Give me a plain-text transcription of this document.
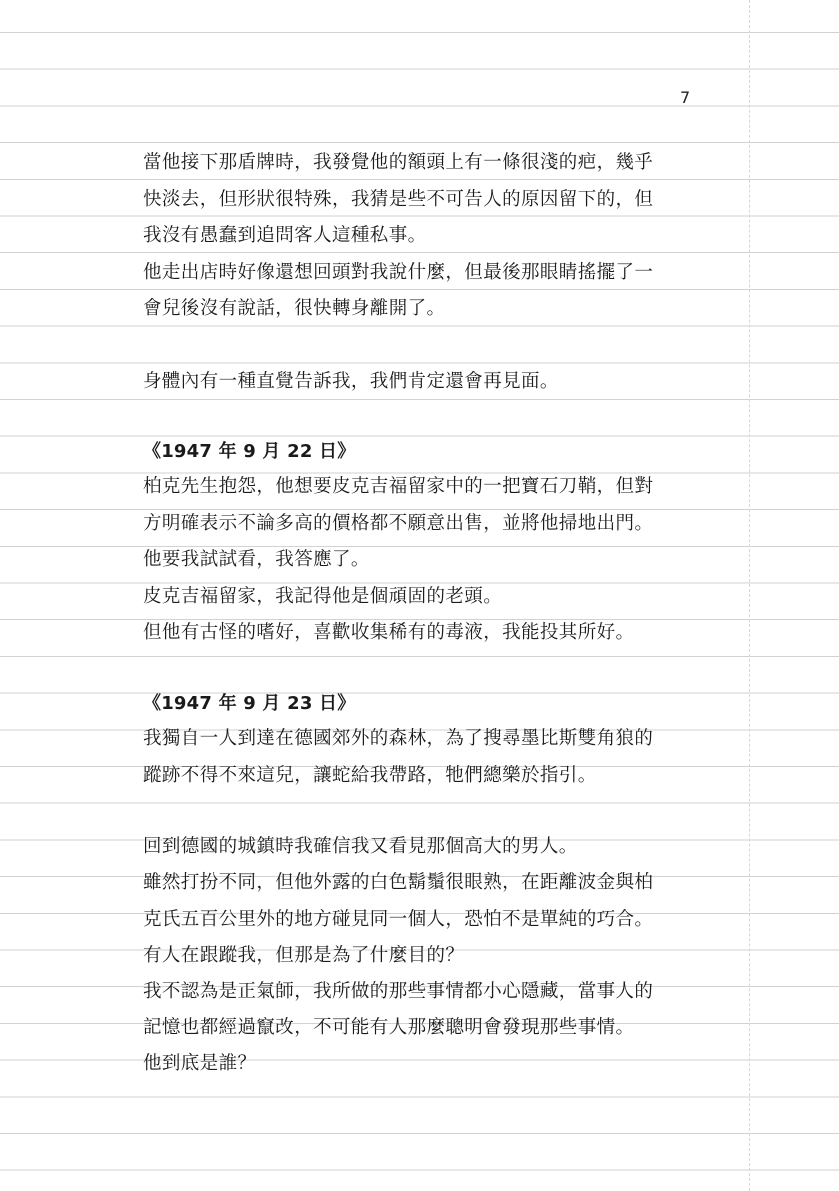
7
當他接下那盾牌時，我發覺他的額頭上有一條很淺的疤，幾乎
快淡去，但形狀很特殊，我猜是些不可告人的原因留下的，但
我沒有愚蠢到追問客人這種私事。
他走出店時好像還想回頭對我說什麼，但最後那眼睛搖擺了一
會兒後沒有說話，很快轉身離開了。
身體內有一種直覺告訴我，我們肯定還會再見面。
《1947 年 9 月 22 日》
柏克先生抱怨，他想要皮克吉福留家中的一把寶石刀鞘，但對
方明確表示不論多高的價格都不願意出售，並將他掃地出門。
他要我試試看，我答應了。
皮克吉福留家，我記得他是個頑固的老頭。
但他有古怪的嗜好，喜歡收集稀有的毒液，我能投其所好。
《1947 年 9 月 23 日》
我獨自一人到達在德國郊外的森林，為了搜尋墨比斯雙角狼的
蹤跡不得不來這兒，讓蛇給我帶路，牠們總樂於指引。
回到德國的城鎮時我確信我又看見那個高大的男人。
雖然打扮不同，但他外露的白色鬍鬚很眼熟，在距離波金與柏
克氏五百公里外的地方碰見同一個人，恐怕不是單純的巧合。
有人在跟蹤我，但那是為了什麼目的？
我不認為是正氣師，我所做的那些事情都小心隱藏，當事人的
記憶也都經過竄改，不可能有人那麼聰明會發現那些事情。
他到底是誰？
